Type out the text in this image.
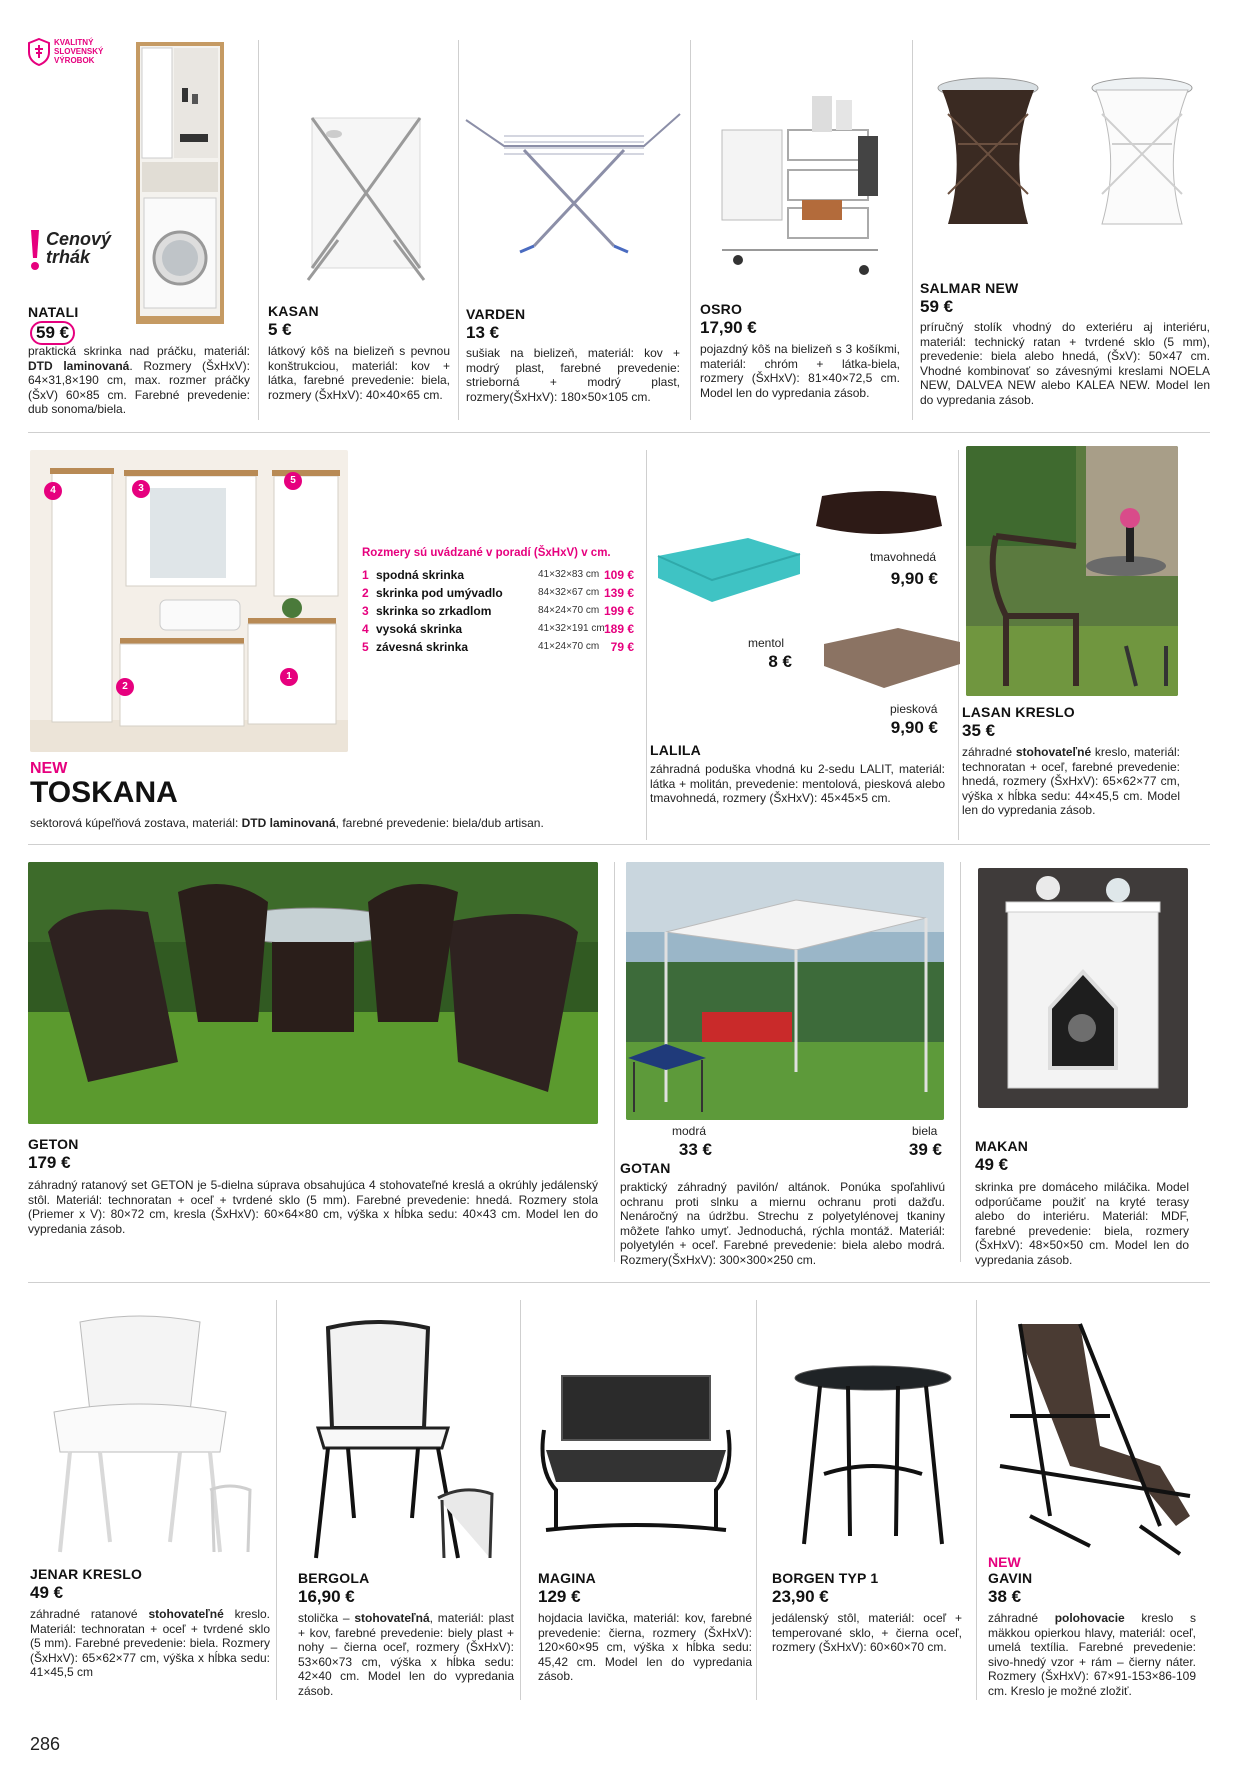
KVALITNÝ
SLOVENSKÝ
VÝROBOK
Cenový
trhák
NATALI
59 €
praktická skrinka nad práčku, materiál: DTD laminovaná. Rozmery (ŠxHxV): 64×31,8×190 cm, max. rozmer práčky (ŠxV) 60×85 cm. Farebné prevedenie: dub sonoma/biela.
KASAN
5 €
látkový kôš na bielizeň s pevnou konštrukciou, materiál: kov + látka, farebné prevedenie: biela, rozmery (ŠxHxV): 40×40×65 cm.
VARDEN
13 €
sušiak na bielizeň, materiál: kov + modrý plast, farebné prevedenie: strieborná + modrý plast, rozmery(ŠxHxV): 180×50×105 cm.
OSRO
17,90 €
pojazdný kôš na bielizeň s 3 košíkmi, materiál: chróm + látka-biela, rozmery (ŠxHxV): 81×40×72,5 cm. Model len do vypredania zásob.
SALMAR NEW
59 €
príručný stolík vhodný do exteriéru aj interiéru, materiál: technický ratan + tvrdené sklo (5 mm), prevedenie: biela alebo hnedá, (ŠxV): 50×47 cm. Vhodné kombinovať so závesnými kreslami NOELA NEW, DALVEA NEW alebo KALEA NEW. Model len do vypredania zásob.
4	3
5
2
1
Rozmery sú uvádzané v poradí (ŠxHxV) v cm.
1 spodná skrinka	41×32×83 cm 109 €
2 skrinka pod umývadlo	84×32×67 cm 139 €
3 skrinka so zrkadlom	84×24×70 cm 199 €
4 vysoká skrinka	41×32×191 cm 189 €
5 závesná skrinka	41×24×70 cm 79 €
NEW
TOSKANA
sektorová kúpeľňová zostava, materiál: DTD laminovaná, farebné prevedenie: biela/dub artisan.
tmavohnedá
9,90 €
mentol
8 €
piesková
9,90 €
LALILA
záhradná poduška vhodná ku 2-sedu LALIT, materiál: látka + molitán, prevedenie: mentolová, piesková alebo tmavohnedá, rozmery (ŠxHxV): 45×45×5 cm.
LASAN KRESLO
35 €
záhradné stohovateľné kreslo, materiál: technoratan + oceľ, farebné prevedenie: hnedá, rozmery (ŠxHxV): 65×62×77 cm, výška x hĺbka sedu: 44×45,5 cm. Model len do vypredania zásob.
GETON
179 €
záhradný ratanový set GETON je 5-dielna súprava obsahujúca 4 stohovateľné kreslá a okrúhly jedálenský stôl. Materiál: technoratan + oceľ + tvrdené sklo (5 mm). Farebné prevedenie: hnedá. Rozmery stola (Priemer x V): 80×72 cm, kresla (ŠxHxV): 60×64×80 cm, výška x hĺbka sedu: 40×43 cm. Model len do vypredania zásob.
modrá
33 €
biela
39 €
GOTAN
praktický záhradný pavilón/ altánok. Ponúka spoľahlivú ochranu proti slnku a miernu ochranu proti dažďu. Nenáročný na údržbu. Strechu z polyetylénovej tkaniny môžete ľahko umyť. Jednoduchá, rýchla montáž. Materiál: polyetylén + oceľ. Farebné prevedenie: biela alebo modrá. Rozmery(ŠxHxV): 300×300×250 cm.
MAKAN
49 €
skrinka pre domáceho miláčika. Model odporúčame použiť na kryté terasy alebo do interiéru. Materiál: MDF, farebné prevedenie: biela, rozmery (ŠxHxV): 48×50×50 cm. Model len do vypredania zásob.
JENAR KRESLO
49 €
záhradné ratanové stohovateľné kreslo. Materiál: technoratan + oceľ + tvrdené sklo (5 mm). Farebné prevedenie: biela. Rozmery (ŠxHxV): 65×62×77 cm, výška x hĺbka sedu: 41×45,5 cm
BERGOLA
16,90 €
stolička – stohovateľná, materiál: plast + kov, farebné prevedenie: biely plast + nohy – čierna oceľ, rozmery (ŠxHxV): 53×60×73 cm, výška x hĺbka sedu: 42×40 cm. Model len do vypredania zásob.
MAGINA
129 €
hojdacia lavička, materiál: kov, farebné prevedenie: čierna, rozmery (ŠxHxV): 120×60×95 cm, výška x hĺbka sedu: 45,42 cm. Model len do vypredania zásob.
BORGEN TYP 1
23,90 €
jedálenský stôl, materiál: oceľ + temperované sklo, + čierna oceľ, rozmery (ŠxHxV): 60×60×70 cm.
NEW
GAVIN
38 €
záhradné polohovacie kreslo s mäkkou opierkou hlavy, materiál: oceľ, umelá textília. Farebné prevedenie: sivo-hnedý vzor + rám – čierny náter. Rozmery (ŠxHxV): 67×91-153×86-109 cm. Kreslo je možné zložiť.
286
